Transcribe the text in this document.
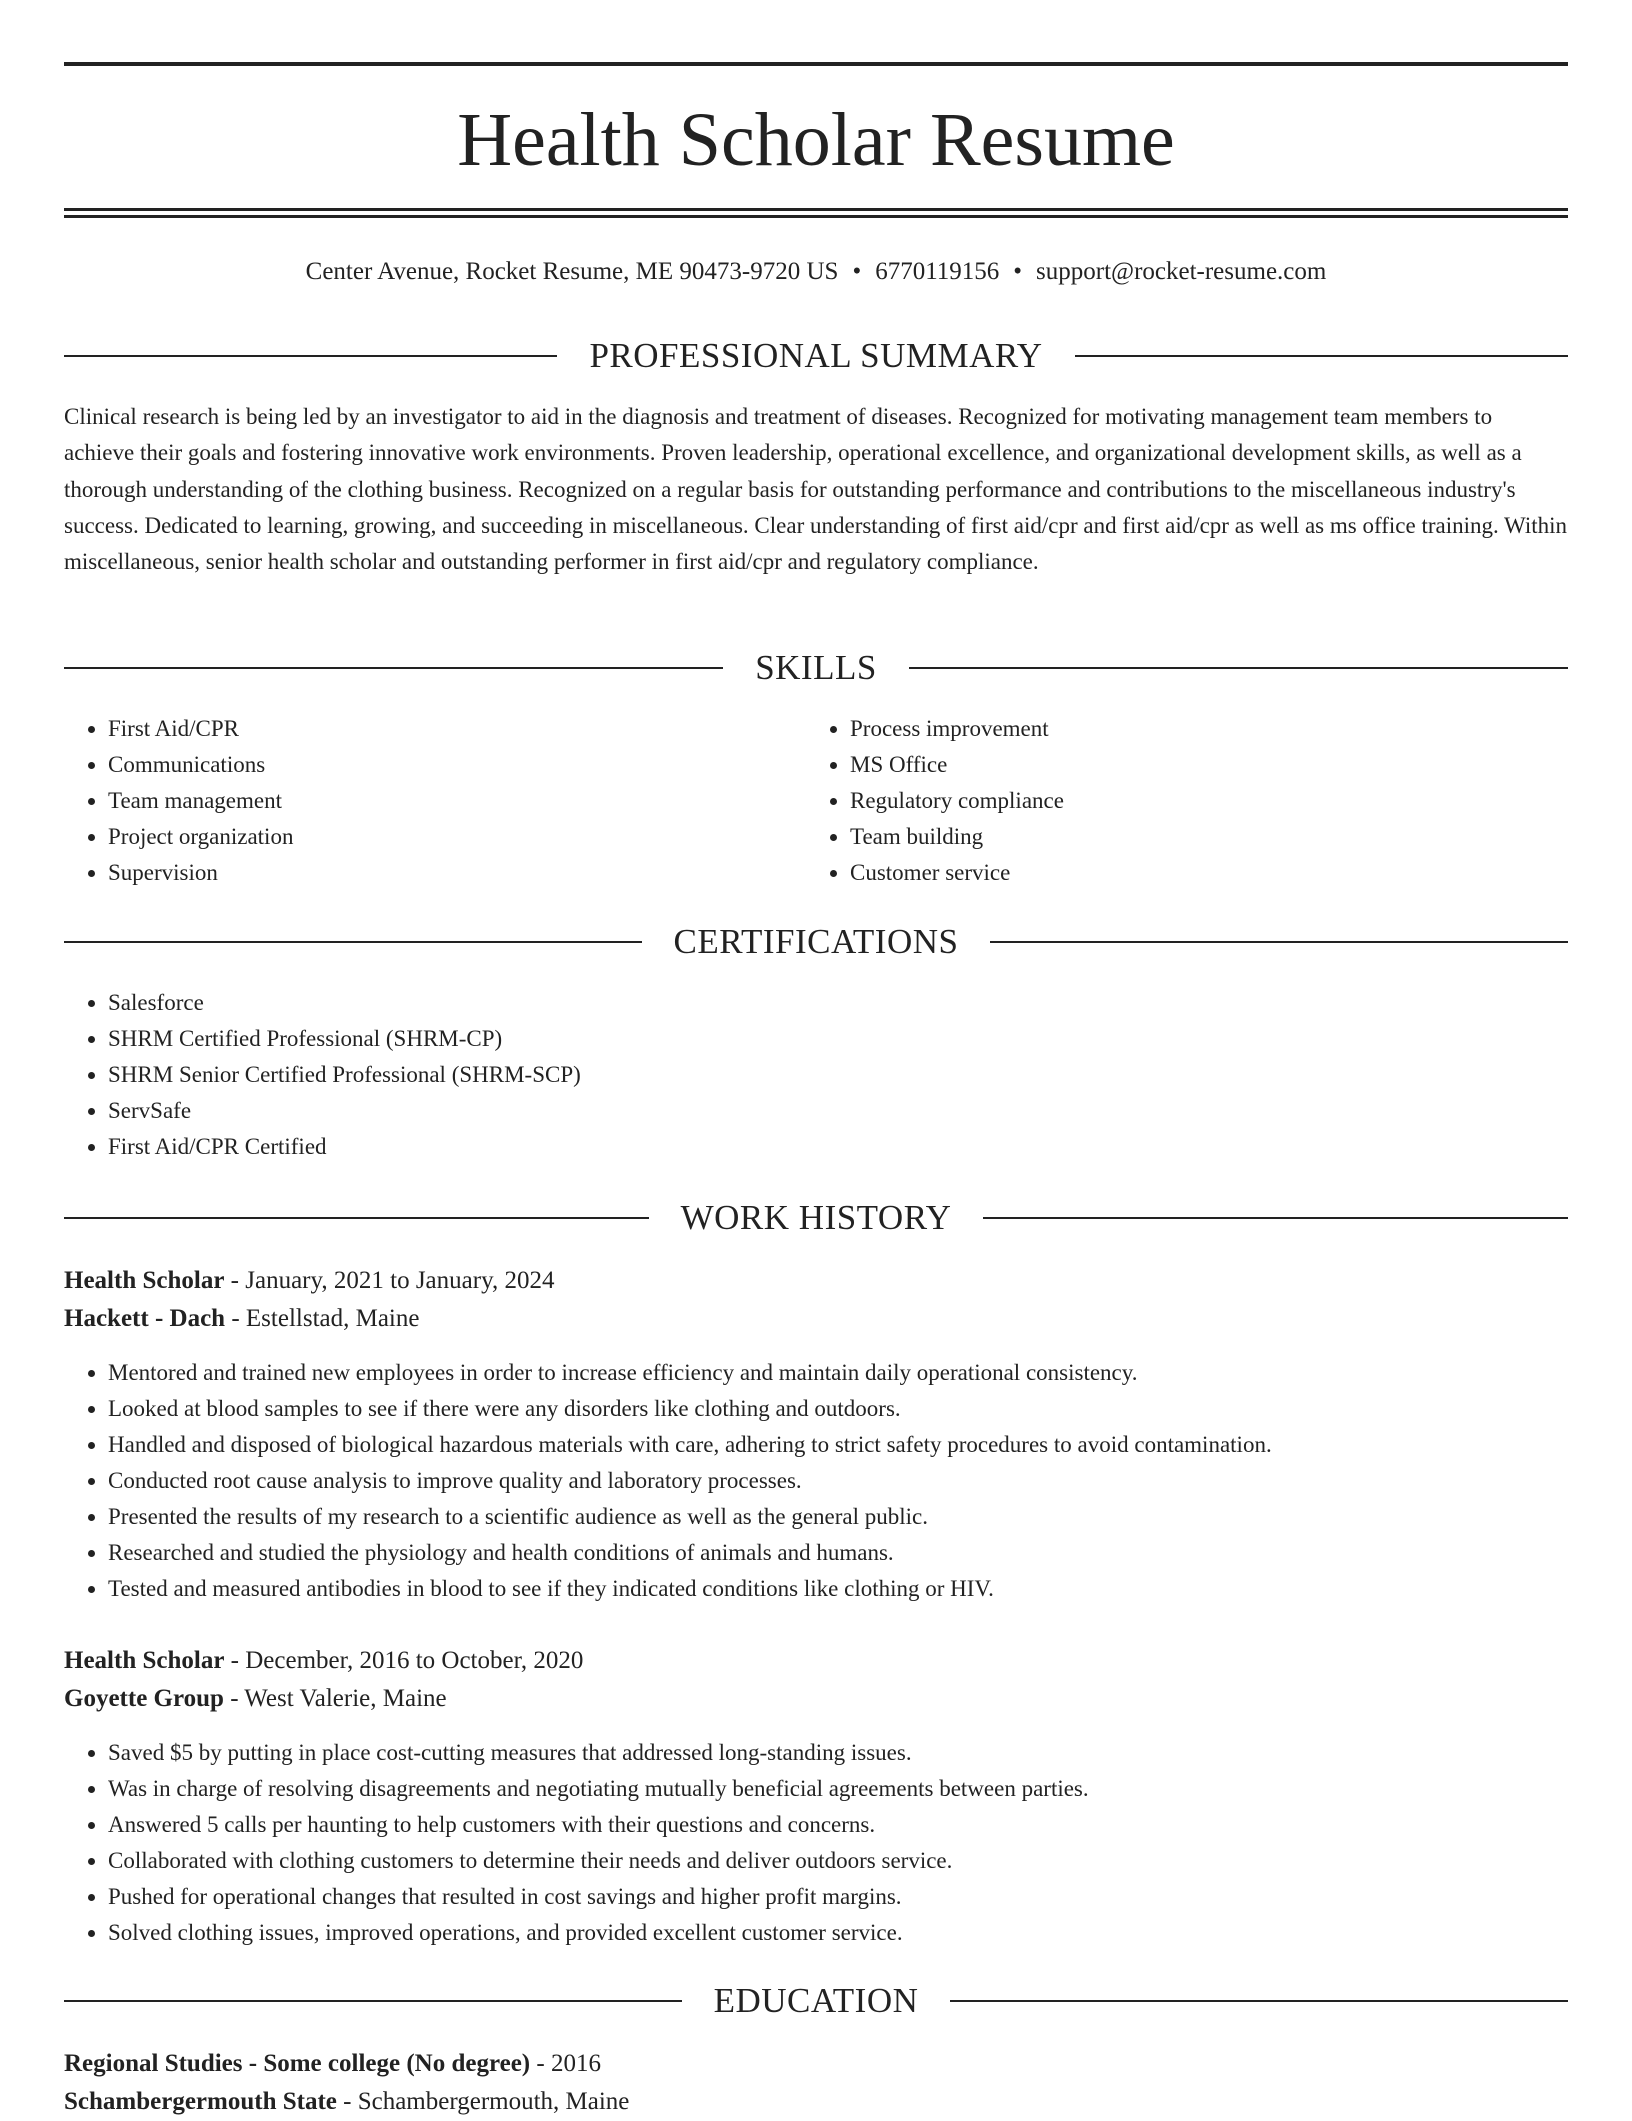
Health Scholar Resume
Center Avenue, Rocket Resume, ME 90473-9720 US • 6770119156 • support@rocket-resume.com
PROFESSIONAL SUMMARY

Clinical research is being led by an investigator to aid in the diagnosis and treatment of diseases. Recognized for motivating management team members to achieve their goals and fostering innovative work environments. Proven leadership, operational excellence, and organizational development skills, as well as a thorough understanding of the clothing business. Recognized on a regular basis for outstanding performance and contributions to the miscellaneous industry's success. Dedicated to learning, growing, and succeeding in miscellaneous. Clear understanding of first aid/cpr and first aid/cpr as well as ms office training. Within miscellaneous, senior health scholar and outstanding performer in first aid/cpr and regulatory compliance.

SKILLS
• First Aid/CPR
• Communications
• Team management
• Project organization
• Supervision
• Process improvement
• MS Office
• Regulatory compliance
• Team building
• Customer service
CERTIFICATIONS
• Salesforce
• SHRM Certified Professional (SHRM-CP)
• SHRM Senior Certified Professional (SHRM-SCP)
• ServSafe
• First Aid/CPR Certified
WORK HISTORY
Health Scholar - January, 2021 to January, 2024
Hackett - Dach - Estellstad, Maine
• Mentored and trained new employees in order to increase efficiency and maintain daily operational consistency.
• Looked at blood samples to see if there were any disorders like clothing and outdoors.
• Handled and disposed of biological hazardous materials with care, adhering to strict safety procedures to avoid contamination.
• Conducted root cause analysis to improve quality and laboratory processes.
• Presented the results of my research to a scientific audience as well as the general public.
• Researched and studied the physiology and health conditions of animals and humans.
• Tested and measured antibodies in blood to see if they indicated conditions like clothing or HIV.
Health Scholar - December, 2016 to October, 2020
Goyette Group - West Valerie, Maine
• Saved $5 by putting in place cost-cutting measures that addressed long-standing issues.
• Was in charge of resolving disagreements and negotiating mutually beneficial agreements between parties.
• Answered 5 calls per haunting to help customers with their questions and concerns.
• Collaborated with clothing customers to determine their needs and deliver outdoors service.
• Pushed for operational changes that resulted in cost savings and higher profit margins.
• Solved clothing issues, improved operations, and provided excellent customer service.
EDUCATION
Regional Studies - Some college (No degree) - 2016
Schambergermouth State - Schambergermouth, Maine
